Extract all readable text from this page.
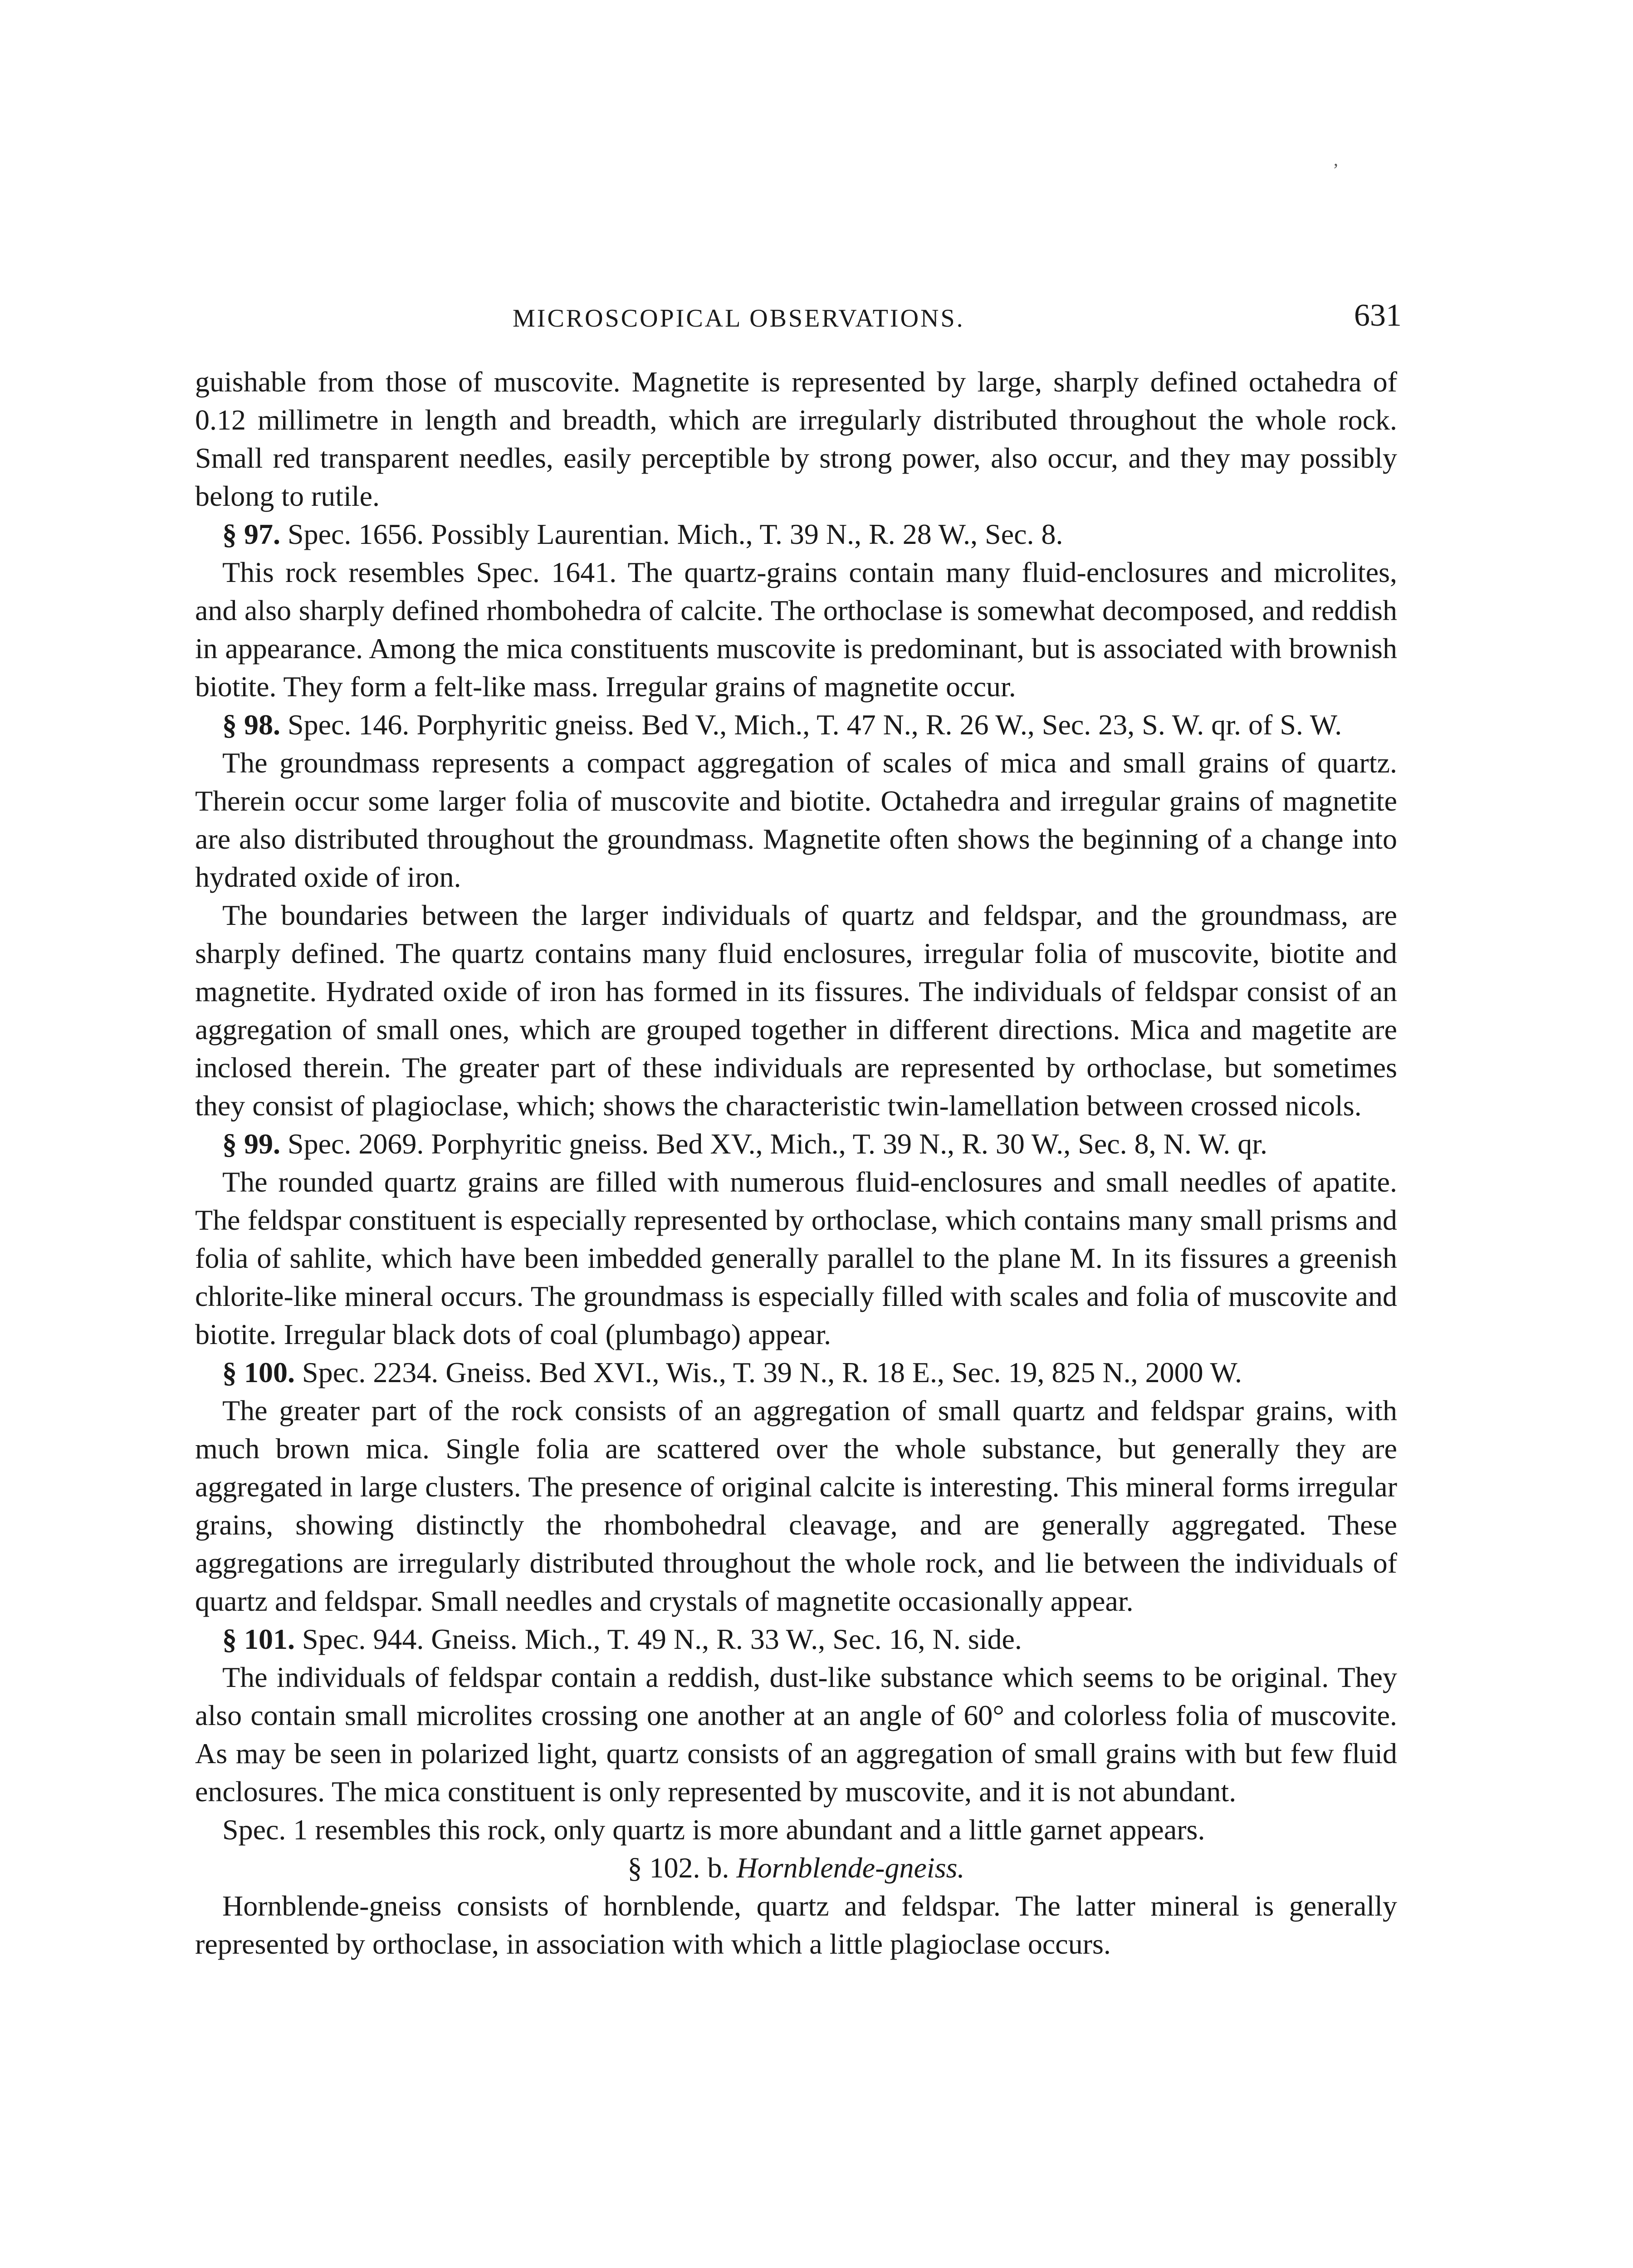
,
MICROSCOPICAL OBSERVATIONS.	631

guishable from those of muscovite. Magnetite is represented by large, sharply defined octahedra of 0.12 millimetre in length and breadth, which are irregularly distributed throughout the whole rock. Small red transparent needles, easily perceptible by strong power, also occur, and they may possibly belong to rutile.

§ 97. Spec. 1656. Possibly Laurentian. Mich., T. 39 N., R. 28 W., Sec. 8.

This rock resembles Spec. 1641. The quartz-grains contain many fluid-enclosures and microlites, and also sharply defined rhombohedra of calcite. The orthoclase is somewhat decomposed, and reddish in appearance. Among the mica constituents muscovite is predominant, but is associated with brownish biotite. They form a felt-like mass. Irregular grains of magnetite occur.

§ 98. Spec. 146. Porphyritic gneiss. Bed V., Mich., T. 47 N., R. 26 W., Sec. 23, S. W. qr. of S. W.

The groundmass represents a compact aggregation of scales of mica and small grains of quartz. Therein occur some larger folia of muscovite and biotite. Octahedra and irregular grains of magnetite are also distributed throughout the groundmass. Magnetite often shows the beginning of a change into hydrated oxide of iron.

The boundaries between the larger individuals of quartz and feldspar, and the groundmass, are sharply defined. The quartz contains many fluid enclosures, irregular folia of muscovite, biotite and magnetite. Hydrated oxide of iron has formed in its fissures. The individuals of feldspar consist of an aggregation of small ones, which are grouped together in different directions. Mica and magetite are inclosed therein. The greater part of these individuals are represented by orthoclase, but sometimes they consist of plagioclase, which; shows the characteristic twin-lamellation between crossed nicols.

§ 99. Spec. 2069. Porphyritic gneiss. Bed XV., Mich., T. 39 N., R. 30 W., Sec. 8, N. W. qr.

The rounded quartz grains are filled with numerous fluid-enclosures and small needles of apatite. The feldspar constituent is especially represented by orthoclase, which contains many small prisms and folia of sahlite, which have been imbedded generally parallel to the plane M. In its fissures a greenish chlorite-like mineral occurs. The groundmass is especially filled with scales and folia of muscovite and biotite. Irregular black dots of coal (plumbago) appear.

§ 100. Spec. 2234. Gneiss. Bed XVI., Wis., T. 39 N., R. 18 E., Sec. 19, 825 N., 2000 W.

The greater part of the rock consists of an aggregation of small quartz and feldspar grains, with much brown mica. Single folia are scattered over the whole substance, but generally they are aggregated in large clusters. The presence of original calcite is interesting. This mineral forms irregular grains, showing distinctly the rhombohedral cleavage, and are generally aggregated. These aggregations are irregularly distributed throughout the whole rock, and lie between the individuals of quartz and feldspar. Small needles and crystals of magnetite occasionally appear.

§ 101. Spec. 944. Gneiss. Mich., T. 49 N., R. 33 W., Sec. 16, N. side.

The individuals of feldspar contain a reddish, dust-like substance which seems to be original. They also contain small microlites crossing one another at an angle of 60° and colorless folia of muscovite. As may be seen in polarized light, quartz consists of an aggregation of small grains with but few fluid enclosures. The mica constituent is only represented by muscovite, and it is not abundant.

Spec. 1 resembles this rock, only quartz is more abundant and a little garnet appears.

§ 102. b. Hornblende-gneiss.

Hornblende-gneiss consists of hornblende, quartz and feldspar. The latter mineral is generally represented by orthoclase, in association with which a little plagioclase occurs.
